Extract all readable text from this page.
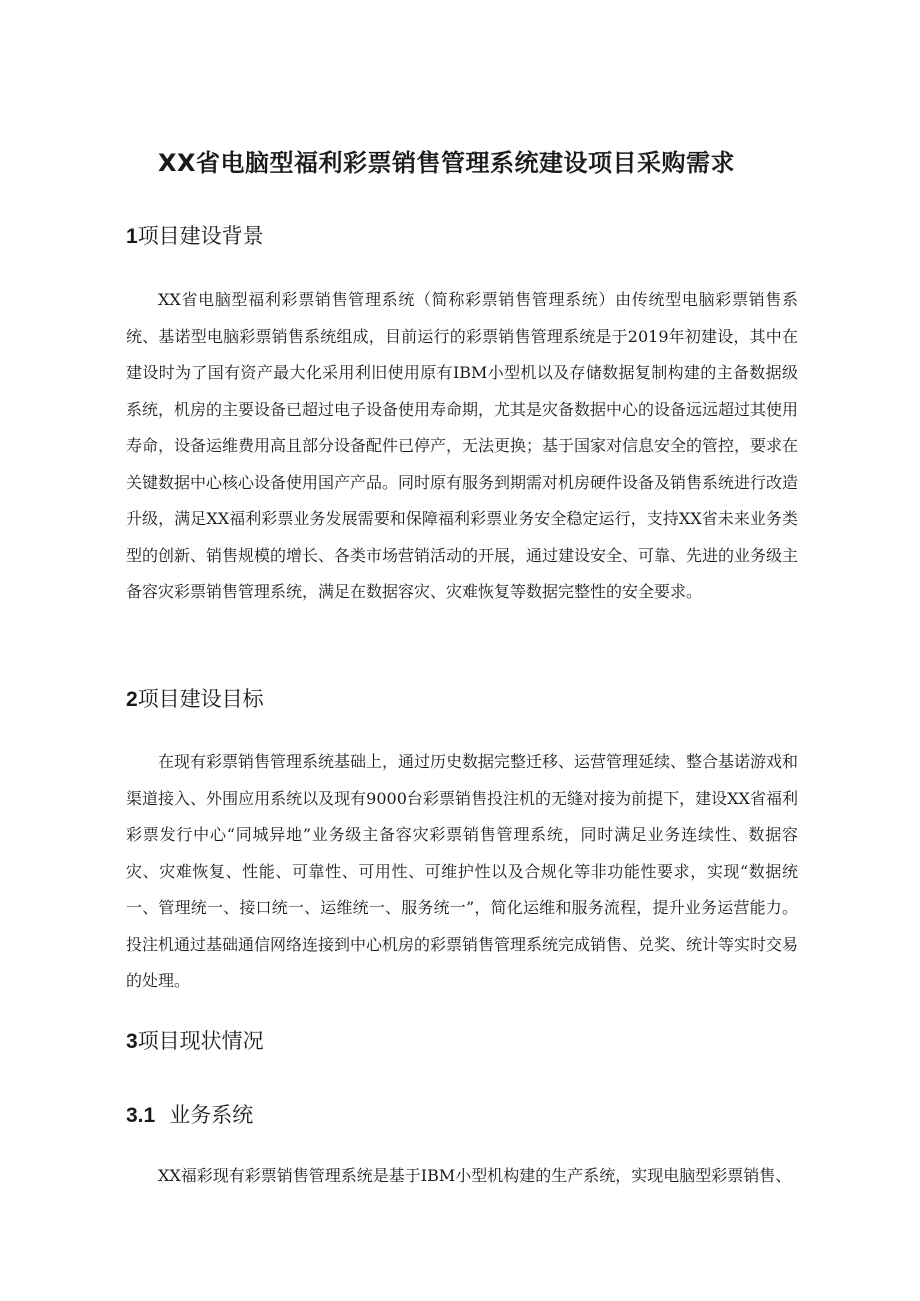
XX省电脑型福利彩票销售管理系统建设项目采购需求
1项目建设背景

XX省电脑型福利彩票销售管理系统（简称彩票销售管理系统）由传统型电脑彩票销售系统、基诺型电脑彩票销售系统组成，目前运行的彩票销售管理系统是于2019年初建设，其中在建设时为了国有资产最大化采用利旧使用原有IBM小型机以及存储数据复制构建的主备数据级系统，机房的主要设备已超过电子设备使用寿命期，尤其是灾备数据中心的设备远远超过其使用寿命，设备运维费用高且部分设备配件已停产，无法更换；基于国家对信息安全的管控，要求在关键数据中心核心设备使用国产产品。同时原有服务到期需对机房硬件设备及销售系统进行改造升级，满足XX福利彩票业务发展需要和保障福利彩票业务安全稳定运行，支持XX省未来业务类型的创新、销售规模的增长、各类市场营销活动的开展，通过建设安全、可靠、先进的业务级主备容灾彩票销售管理系统，满足在数据容灾、灾难恢复等数据完整性的安全要求。

2项目建设目标

在现有彩票销售管理系统基础上，通过历史数据完整迁移、运营管理延续、整合基诺游戏和渠道接入、外围应用系统以及现有9000台彩票销售投注机的无缝对接为前提下，建设XX省福利彩票发行中心“同城异地”业务级主备容灾彩票销售管理系统，同时满足业务连续性、数据容灾、灾难恢复、性能、可靠性、可用性、可维护性以及合规化等非功能性要求，实现“数据统一、管理统一、接口统一、运维统一、服务统一”，简化运维和服务流程，提升业务运营能力。投注机通过基础通信网络连接到中心机房的彩票销售管理系统完成销售、兑奖、统计等实时交易的处理。

3项目现状情况
3.1 业务系统

XX福彩现有彩票销售管理系统是基于IBM小型机构建的生产系统，实现电脑型彩票销售、
